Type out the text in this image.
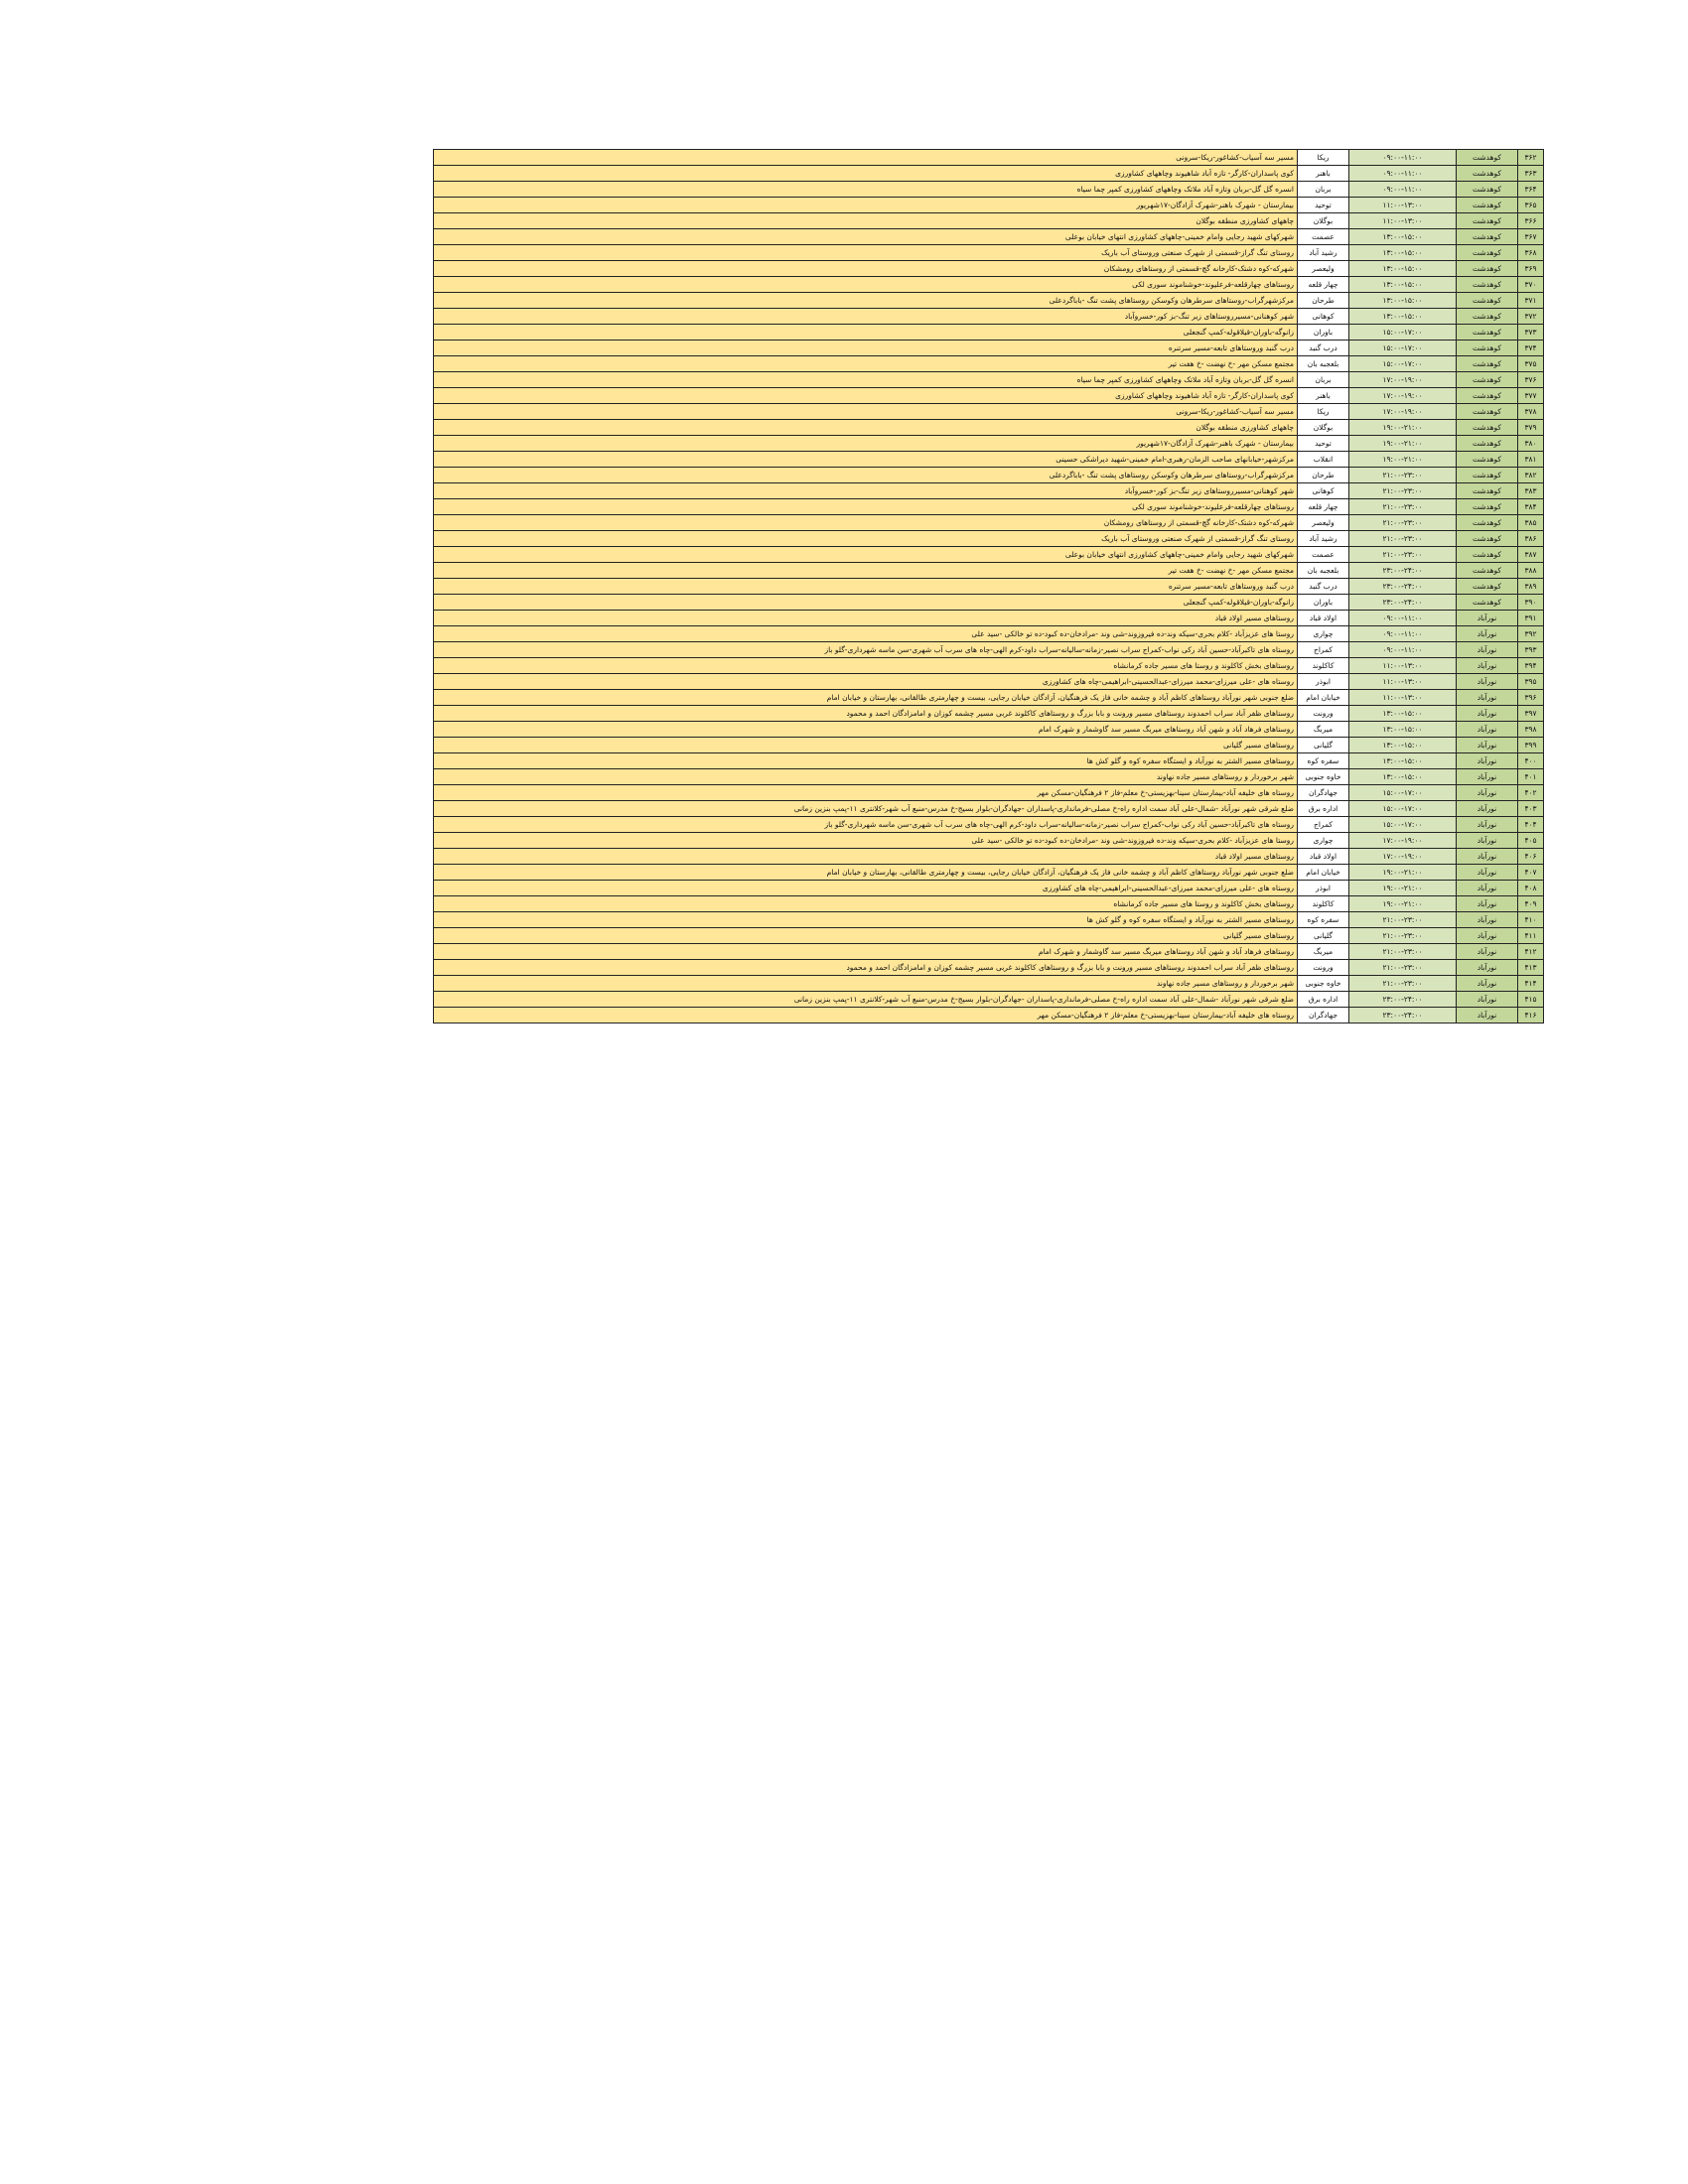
۳۶۲	کوهدشت	۰۹:۰۰-۱۱:۰۰	ریکا	مسیر سه آسیاب-کشاغور-ریکا-سرونی
۳۶۳	کوهدشت	۰۹:۰۰-۱۱:۰۰	باهنر	کوی پاسداران-کارگر- تازه آباد شاهیوند وچاههای کشاورزی
۳۶۴	کوهدشت	۰۹:۰۰-۱۱:۰۰	بربان	انسره گل گل-بربان وتازه آباد ملاتک وچاههای کشاورزی کمپر چما سیاه
۳۶۵	کوهدشت	۱۱:۰۰-۱۳:۰۰	توحید	بیمارستان - شهرک باهنر-شهرک آزادگان-۱۷شهریور
۳۶۶	کوهدشت	۱۱:۰۰-۱۳:۰۰	بوگلان	چاههای کشاورزی منطقه بوگلان
۳۶۷	کوهدشت	۱۳:۰۰-۱۵:۰۰	عصمت	شهرکهای شهید رجایی وامام خمینی-چاههای کشاورزی انتهای خیابان بوعلی
۳۶۸	کوهدشت	۱۳:۰۰-۱۵:۰۰	رشید آباد	روستای تنگ گراز-قسمتی از شهرک صنعتی وروستای آب باریک
۳۶۹	کوهدشت	۱۳:۰۰-۱۵:۰۰	ولیعصر	شهرکه-کوه دشتک-کارخانه گچ-قسمتی از روستاهای رومشکان
۳۷۰	کوهدشت	۱۳:۰۰-۱۵:۰۰	چهار قلعه	روستاهای چهارقلعه-فرعلیوند-خوشناموند سوری لکی
۳۷۱	کوهدشت	۱۳:۰۰-۱۵:۰۰	طرحان	مرکزشهرگراب-روستاهای سرطرهان وکوسکن روستاهای پشت تنگ -باباگردعلی
۳۷۲	کوهدشت	۱۳:۰۰-۱۵:۰۰	کوهانی	شهر کوهنانی-مسیرروستاهای زیر تنگ-بز کور-خسروآباد
۳۷۳	کوهدشت	۱۵:۰۰-۱۷:۰۰	باوران	زانوگه-باوران-قیلاقوله-کمپ گنجعلی
۳۷۴	کوهدشت	۱۵:۰۰-۱۷:۰۰	درب گنبد	درب گنبد وروستاهای تابعه-مسیر سرتنره
۳۷۵	کوهدشت	۱۵:۰۰-۱۷:۰۰	بلعجبه بان	مجتمع مسکن مهر -خ نهضت -خ هفت تیر
۳۷۶	کوهدشت	۱۷:۰۰-۱۹:۰۰	بربان	انسره گل گل-بربان وتازه آباد ملاتک وچاههای کشاورزی کمپر چما سیاه
۳۷۷	کوهدشت	۱۷:۰۰-۱۹:۰۰	باهنر	کوی پاسداران-کارگر- تازه آباد شاهیوند وچاههای کشاورزی
۳۷۸	کوهدشت	۱۷:۰۰-۱۹:۰۰	ریکا	مسیر سه آسیاب-کشاغور-ریکا-سرونی
۳۷۹	کوهدشت	۱۹:۰۰-۲۱:۰۰	بوگلان	چاههای کشاورزی منطقه بوگلان
۳۸۰	کوهدشت	۱۹:۰۰-۲۱:۰۰	توحید	بیمارستان - شهرک باهنر-شهرک آزادگان-۱۷شهریور
۳۸۱	کوهدشت	۱۹:۰۰-۲۱:۰۰	انقلاب	مرکزشهر-خیابانهای صاحب الزمان-رهبری-امام خمینی-شهید دیراشکی حسینی
۳۸۲	کوهدشت	۲۱:۰۰-۲۳:۰۰	طرحان	مرکزشهرگراب-روستاهای سرطرهان وکوسکن روستاهای پشت تنگ -باباگردعلی
۳۸۳	کوهدشت	۲۱:۰۰-۲۳:۰۰	کوهانی	شهر کوهنانی-مسیرروستاهای زیر تنگ-بز کور-خسروآباد
۳۸۴	کوهدشت	۲۱:۰۰-۲۳:۰۰	چهار قلعه	روستاهای چهارقلعه-فرعلیوند-خوشناموند سوری لکی
۳۸۵	کوهدشت	۲۱:۰۰-۲۳:۰۰	ولیعصر	شهرکه-کوه دشتک-کارخانه گچ-قسمتی از روستاهای رومشکان
۳۸۶	کوهدشت	۲۱:۰۰-۲۳:۰۰	رشید آباد	روستای تنگ گراز-قسمتی از شهرک صنعتی وروستای آب باریک
۳۸۷	کوهدشت	۲۱:۰۰-۲۳:۰۰	عصمت	شهرکهای شهید رجایی وامام خمینی-چاههای کشاورزی انتهای خیابان بوعلی
۳۸۸	کوهدشت	۲۳:۰۰-۲۴:۰۰	بلعجبه بان	مجتمع مسکن مهر -خ نهضت -خ هفت تیر
۳۸۹	کوهدشت	۲۳:۰۰-۲۴:۰۰	درب گنبد	درب گنبد وروستاهای تابعه-مسیر سرتنره
۳۹۰	کوهدشت	۲۳:۰۰-۲۴:۰۰	باوران	زانوگه-باوران-قیلاقوله-کمپ گنجعلی
۳۹۱	نورآباد	۰۹:۰۰-۱۱:۰۰	اولاد قباد	روستاهای مسیر اولاد قباد
۳۹۲	نورآباد	۰۹:۰۰-۱۱:۰۰	چواری	روستا های عزیزآباد -کلام بحری-سیکه وند-ده فیروزوند-شی وند -مرادخان-ده کبود-ده تو خالکی -سید علی
۳۹۳	نورآباد	۰۹:۰۰-۱۱:۰۰	کمراج	روستاه های تاکبرآباد-حسین آباد رکی نواب-کمراج سراب نصیر-زمانه-سالیانه-سراب داود-کرم الهی-چاه های سرب آب شهری-سن ماسه شهرداری-گلو باز
۳۹۴	نورآباد	۱۱:۰۰-۱۳:۰۰	کاکلوند	روستاهای بخش کاکلوند و روستا های مسیر جاده کرمانشاه
۳۹۵	نورآباد	۱۱:۰۰-۱۳:۰۰	ابوذر	روستاه های -علی میرزای-محمد میرزای-عبدالحسینی-ابراهیمی-چاه های کشاورزی
۳۹۶	نورآباد	۱۱:۰۰-۱۳:۰۰	خیابان امام	ضلع جنوبی شهر نورآباد روستاهای کاظم آباد و چشمه خانی فاز یک فرهنگیان، آزادگان خیابان رجایی، بیست و چهارمتری طالقانی، بهارستان و خیابان امام
۳۹۷	نورآباد	۱۳:۰۰-۱۵:۰۰	ورونت	روستاهای ظفر آباد سراب احمدوند روستاهای مسیر ورونت و بابا بزرگ و روستاهای کاکلوند غربی مسیر چشمه کوزان و امامزادگان احمد و محمود
۳۹۸	نورآباد	۱۳:۰۰-۱۵:۰۰	میربگ	روستاهای فرهاد آباد و شهن آباد روستاهای میربگ مسیر سد گاوشمار و شهرک امام
۳۹۹	نورآباد	۱۳:۰۰-۱۵:۰۰	گلیانی	روستاهای مسیر گلیانی
۴۰۰	نورآباد	۱۳:۰۰-۱۵:۰۰	سفره کوه	روستاهای مسیر الشتر به نورآباد و ایستگاه سفره کوه و گلو کش ها
۴۰۱	نورآباد	۱۳:۰۰-۱۵:۰۰	خاوه جنوبی	شهر برخوردار و روستاهای مسیر جاده نهاوند
۴۰۲	نورآباد	۱۵:۰۰-۱۷:۰۰	جهادگران	روستاه های خلیفه آباد-بیمارستان سینا-بهزیستی-خ معلم-فاز ۲ فرهنگیان-مسکن مهر
۴۰۳	نورآباد	۱۵:۰۰-۱۷:۰۰	اداره برق	ضلع شرقی شهر نورآباد -شمال-علی آباد سمت اداره راه-خ مصلی-فرمانداری-پاسداران -جهادگران-بلوار بسیج-خ مدرس-منبع آب شهر-کلانتری ۱۱-پمپ بنزین زمانی
۴۰۴	نورآباد	۱۵:۰۰-۱۷:۰۰	کمراج	روستاه های تاکبرآباد-حسین آباد رکی نواب-کمراج سراب نصیر-زمانه-سالیانه-سراب داود-کرم الهی-چاه های سرب آب شهری-سن ماسه شهرداری-گلو باز
۴۰۵	نورآباد	۱۷:۰۰-۱۹:۰۰	چواری	روستا های عزیزآباد -کلام بحری-سیکه وند-ده فیروزوند-شی وند -مرادخان-ده کبود-ده تو خالکی -سید علی
۴۰۶	نورآباد	۱۷:۰۰-۱۹:۰۰	اولاد قباد	روستاهای مسیر اولاد قباد
۴۰۷	نورآباد	۱۹:۰۰-۲۱:۰۰	خیابان امام	ضلع جنوبی شهر نورآباد روستاهای کاظم آباد و چشمه خانی فاز یک فرهنگیان، آزادگان خیابان رجایی، بیست و چهارمتری طالقانی، بهارستان و خیابان امام
۴۰۸	نورآباد	۱۹:۰۰-۲۱:۰۰	ابوذر	روستاه های -علی میرزای-محمد میرزای-عبدالحسینی-ابراهیمی-چاه های کشاورزی
۴۰۹	نورآباد	۱۹:۰۰-۲۱:۰۰	کاکلوند	روستاهای بخش کاکلوند و روستا های مسیر جاده کرمانشاه
۴۱۰	نورآباد	۲۱:۰۰-۲۳:۰۰	سفره کوه	روستاهای مسیر الشتر به نورآباد و ایستگاه سفره کوه و گلو کش ها
۴۱۱	نورآباد	۲۱:۰۰-۲۳:۰۰	گلیانی	روستاهای مسیر گلیانی
۴۱۲	نورآباد	۲۱:۰۰-۲۳:۰۰	میربگ	روستاهای فرهاد آباد و شهن آباد روستاهای میربگ مسیر سد گاوشمار و شهرک امام
۴۱۳	نورآباد	۲۱:۰۰-۲۳:۰۰	ورونت	روستاهای ظفر آباد سراب احمدوند روستاهای مسیر ورونت و بابا بزرگ و روستاهای کاکلوند غربی مسیر چشمه کوزان و امامزادگان احمد و محمود
۴۱۴	نورآباد	۲۱:۰۰-۲۳:۰۰	خاوه جنوبی	شهر برخوردار و روستاهای مسیر جاده نهاوند
۴۱۵	نورآباد	۲۳:۰۰-۲۴:۰۰	اداره برق	ضلع شرقی شهر نورآباد -شمال-علی آباد سمت اداره راه-خ مصلی-فرمانداری-پاسداران -جهادگران-بلوار بسیج-خ مدرس-منبع آب شهر-کلانتری ۱۱-پمپ بنزین زمانی
۴۱۶	نورآباد	۲۳:۰۰-۲۴:۰۰	جهادگران	روستاه های خلیفه آباد-بیمارستان سینا-بهزیستی-خ معلم-فاز ۲ فرهنگیان-مسکن مهر
